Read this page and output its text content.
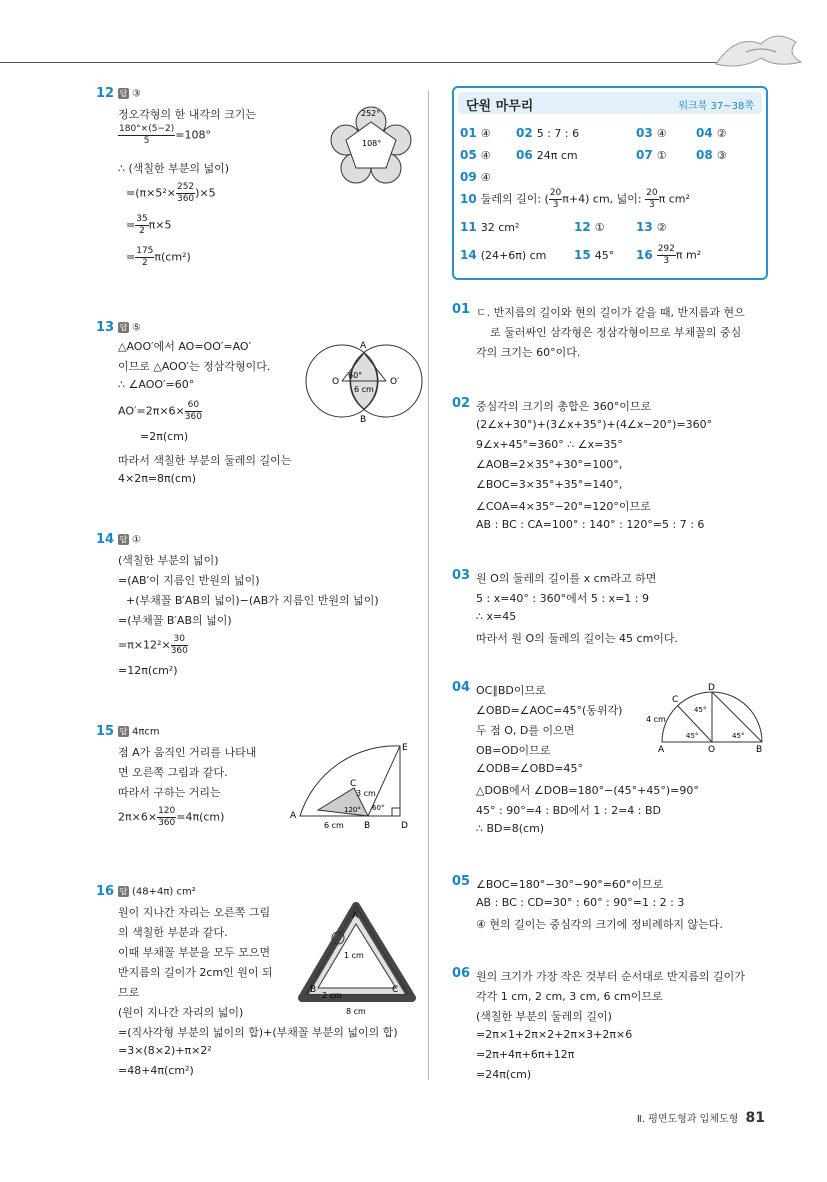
12 답 ③
정오각형의 한 내각의 크기는
$\frac{180^\circ\times(5-2)}{5} =108^\circ$
∴ (색칠한 부분의 넓이)
$=(\pi\times 5^2\times \frac{252}{360} )\times 5$
= $\frac{35}{2} \pi\times 5$
= $\frac{175}{2} \pi(cm^2)$
252°
108°
13 답 ⑤
△AOO′에서 AO=OO′=AO′
이므로 △AOO′는 정삼각형이다.
∴ ∠AOO′=60°
$AO'=2\pi\times 6\times \frac{60}{360}$
=2π(cm)
따라서 색칠한 부분의 둘레의 길이는
4×2π=8π(cm)
A
B
O	O′
60°
6 cm
14 답 ①
(색칠한 부분의 넓이)
=(AB′이 지름인 반원의 넓이)
+(부채꼴 B′AB의 넓이)−(AB가 지름인 반원의 넓이)
=(부채꼴 B′AB의 넓이)
$=\pi\times 12^2\times \frac{30}{360}$
=12π(cm²)
15 답 4πcm
점 A가 움직인 거리를 나타내
면 오른쪽 그림과 같다.
따라서 구하는 거리는
$2\pi\times 6\times \frac{120}{360} =4\pi(cm)$	A
B
C
D
E
3 cm
6 cm
120° 60°
16 답 (48+4π) cm²
원이 지나간 자리는 오른쪽 그림
의 색칠한 부분과 같다.
이때 부채꼴 부분을 모두 모으면
반지름의 길이가 2cm인 원이 되
므로
(원이 지나간 자리의 넓이)
=(직사각형 부분의 넓이의 합)+(부채꼴 부분의 넓이의 합)
=3×(8×2)+π×2²
=48+4π(cm²)
A
B	C
1 cm
2 cm
8 cm
단원 마무리	워크북 37~38쪽
01 ④ 02 5 : 7 : 6	03 ④ 04 ②
05 ④ 06 24π cm	07 ① 08 ③
09 ④
10 둘레의 길이: ( $\frac{20}{3} \pi+4$) cm, 넓이: $\frac{20}{3}$ π cm²
11 32 cm²	12 ①	13 ②
14 (24+6π) cm 15 45° $16 \frac{292}{3}$ π m²
01 ㄷ. 반지름의 길이와 현의 길이가 같을 때, 반지름과 현으
로 둘러싸인 삼각형은 정삼각형이므로 부채꼴의 중심
각의 크기는 60°이다.
02 중심각의 크기의 총합은 360°이므로
(2∠x+30°)+(3∠x+35°)+(4∠x−20°)=360°
9∠x+45°=360° ∴ ∠x=35°
∠AOB=2×35°+30°=100°,
∠BOC=3×35°+35°=140°,
∠COA=4×35°−20°=120°이므로
AB : BC : CA=100° : 140° : 120°=5 : 7 : 6
03 원 O의 둘레의 길이를 x cm라고 하면
5 : x=40° : 360°에서 5 : x=1 : 9
∴ x=45
따라서 원 O의 둘레의 길이는 45 cm이다.
04 OC∥BD이므로
∠OBD=∠AOC=45°(동위각)
두 점 O, D를 이으면
OB=OD이므로
∠ODB=∠OBD=45°
△DOB에서 ∠DOB=180°−(45°+45°)=90°
45° : 90°=4 : BD에서 1 : 2=4 : BD
∴ BD=8(cm)
A	B
C
D
O
4 cm
45°
45°	45°
05 ∠BOC=180°−30°−90°=60°이므로
AB : BC : CD=30° : 60° : 90°=1 : 2 : 3
④ 현의 길이는 중심각의 크기에 정비례하지 않는다.
06 원의 크기가 가장 작은 것부터 순서대로 반지름의 길이가
각각 1 cm, 2 cm, 3 cm, 6 cm이므로
(색칠한 부분의 둘레의 길이)
=2π×1+2π×2+2π×3+2π×6
=2π+4π+6π+12π
=24π(cm)
Ⅱ. 평면도형과 입체도형 81
